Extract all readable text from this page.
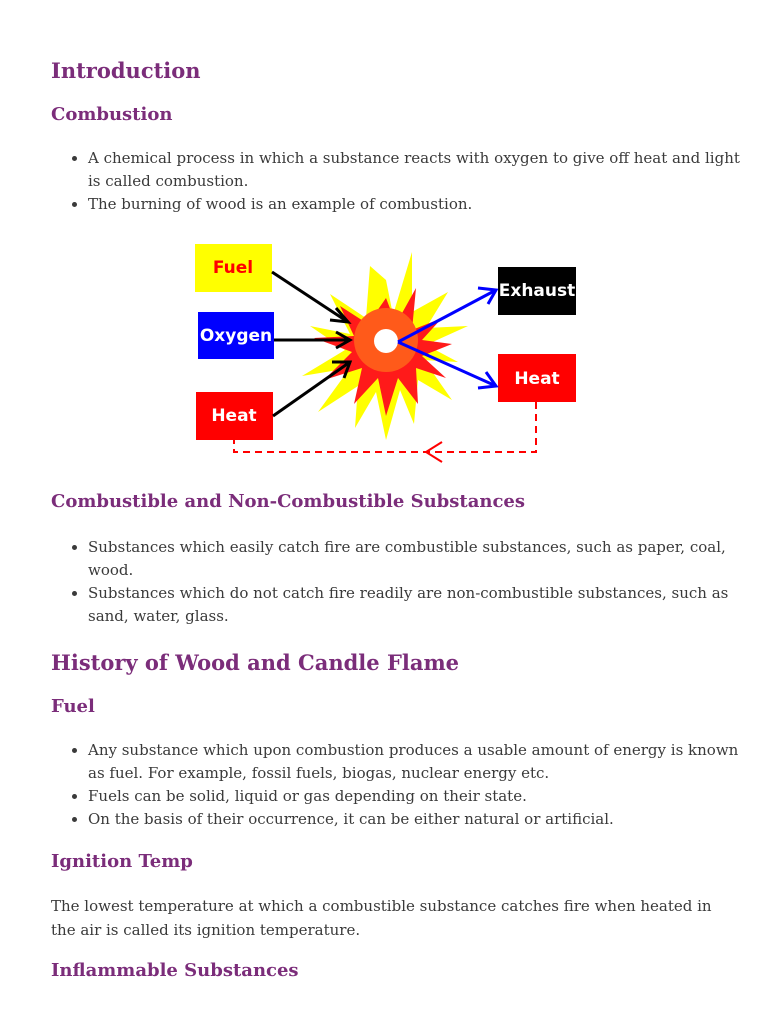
Introduction
Combustion
• A chemical process in which a substance reacts with oxygen to give off heat and light is called combustion.
• The burning of wood is an example of combustion.
Fuel
Oxygen
Heat
Exhaust
Heat
Combustible and Non-Combustible Substances
• Substances which easily catch fire are combustible substances, such as paper, coal, wood.
• Substances which do not catch fire readily are non-combustible substances, such as sand, water, glass.
History of Wood and Candle Flame
Fuel
• Any substance which upon combustion produces a usable amount of energy is known as fuel. For example, fossil fuels, biogas, nuclear energy etc.
• Fuels can be solid, liquid or gas depending on their state.
• On the basis of their occurrence, it can be either natural or artificial.
Ignition Temp

The lowest temperature at which a combustible substance catches fire when heated in the air is called its ignition temperature.

Inflammable Substances
